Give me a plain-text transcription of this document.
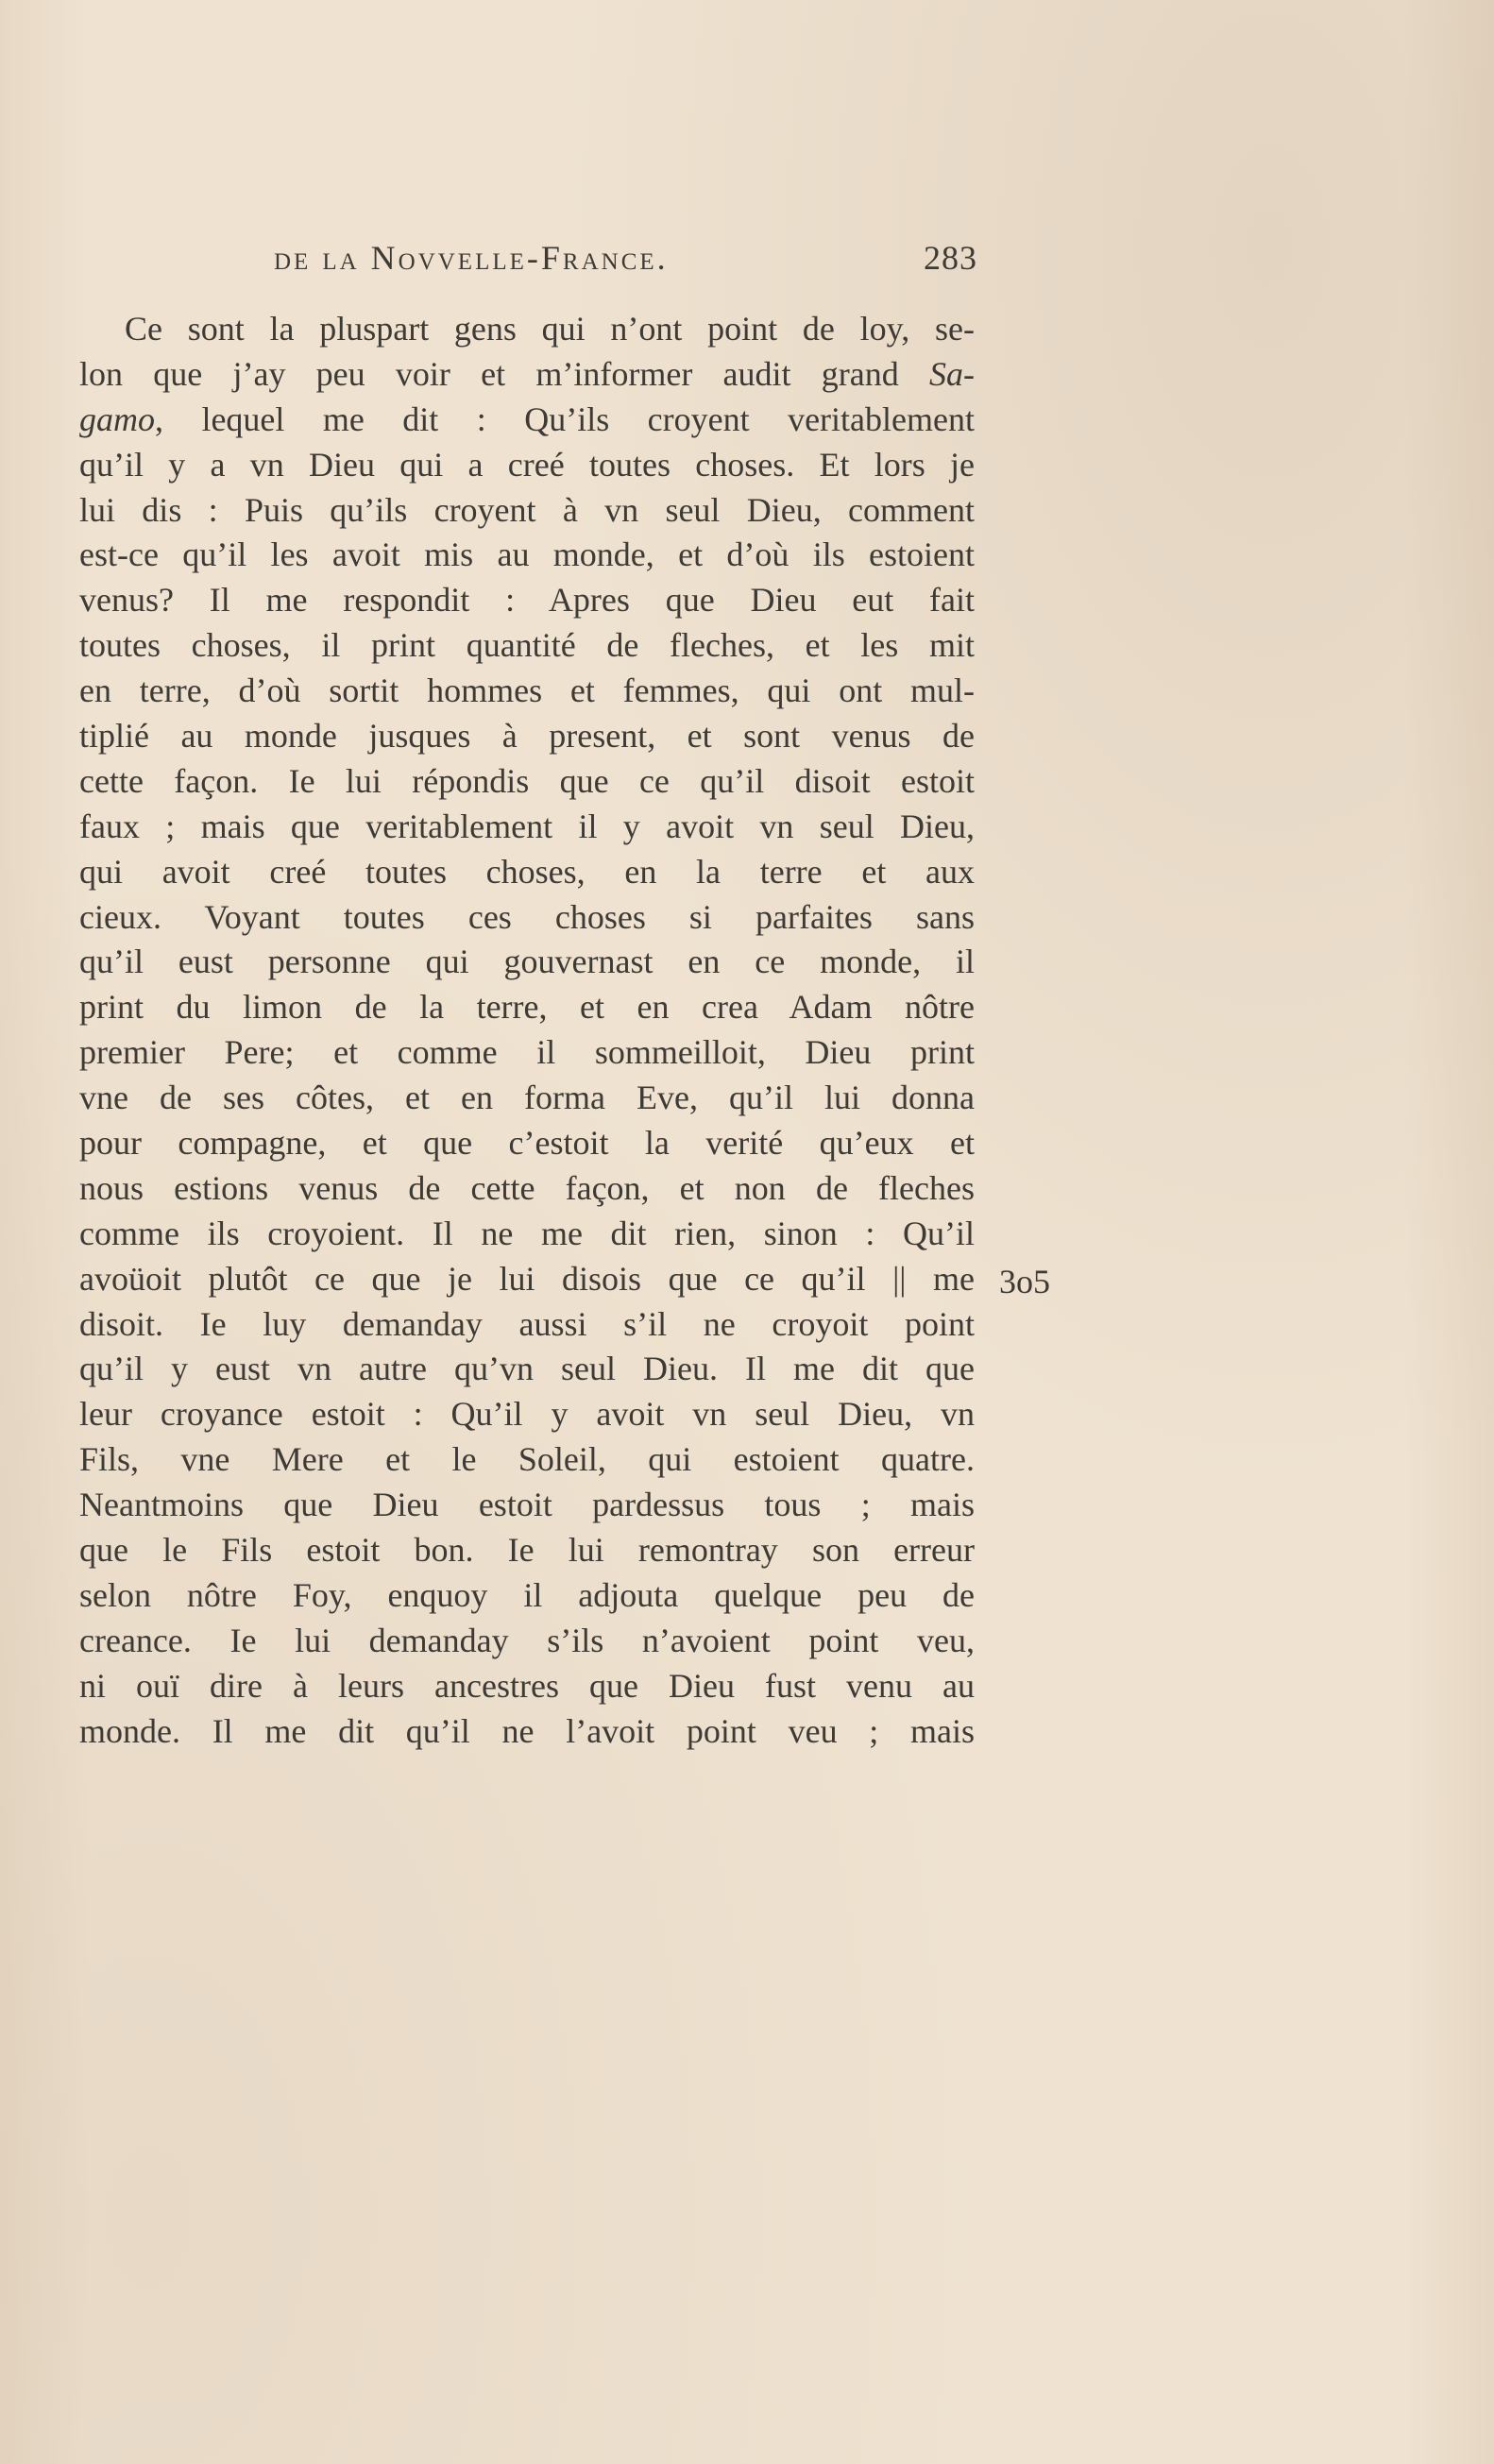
de la Novvelle-France.	283
Ce sont la pluspart gens qui n’ont point de loy, se-
lon que j’ay peu voir et m’informer audit grand Sa-
gamo, lequel me dit : Qu’ils croyent veritablement
qu’il y a vn Dieu qui a creé toutes choses. Et lors je
lui dis : Puis qu’ils croyent à vn seul Dieu, comment
est-ce qu’il les avoit mis au monde, et d’où ils estoient
venus? Il me respondit : Apres que Dieu eut fait
toutes choses, il print quantité de fleches, et les mit
en terre, d’où sortit hommes et femmes, qui ont mul-
tiplié au monde jusques à present, et sont venus de
cette façon. Ie lui répondis que ce qu’il disoit estoit
faux ; mais que veritablement il y avoit vn seul Dieu,
qui avoit creé toutes choses, en la terre et aux
cieux. Voyant toutes ces choses si parfaites sans
qu’il eust personne qui gouvernast en ce monde, il
print du limon de la terre, et en crea Adam nôtre
premier Pere; et comme il sommeilloit, Dieu print
vne de ses côtes, et en forma Eve, qu’il lui donna
pour compagne, et que c’estoit la verité qu’eux et
nous estions venus de cette façon, et non de fleches
comme ils croyoient. Il ne me dit rien, sinon : Qu’il
avoüoit plutôt ce que je lui disois que ce qu’il || me
disoit. Ie luy demanday aussi s’il ne croyoit point
qu’il y eust vn autre qu’vn seul Dieu. Il me dit que
leur croyance estoit : Qu’il y avoit vn seul Dieu, vn
Fils, vne Mere et le Soleil, qui estoient quatre.
Neantmoins que Dieu estoit pardessus tous ; mais
que le Fils estoit bon. Ie lui remontray son erreur
selon nôtre Foy, enquoy il adjouta quelque peu de
creance. Ie lui demanday s’ils n’avoient point veu,
ni ouï dire à leurs ancestres que Dieu fust venu au
monde. Il me dit qu’il ne l’avoit point veu ; mais
3o5
